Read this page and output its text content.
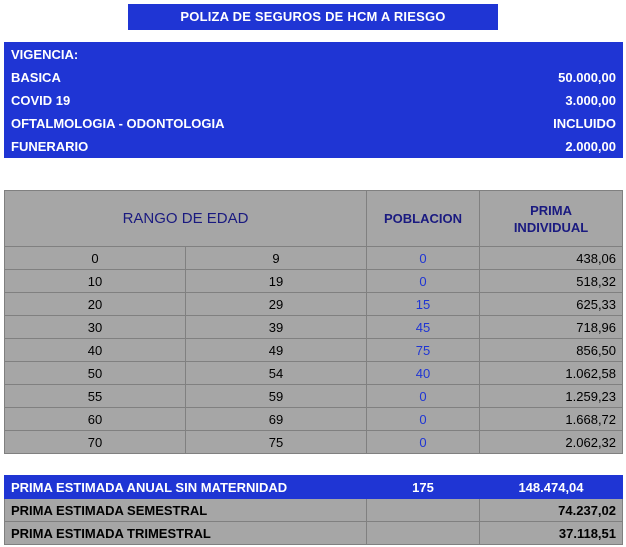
POLIZA DE SEGUROS DE HCM A RIESGO
VIGENCIA:	
BASICA	50.000,00
COVID 19	3.000,00
OFTALMOLOGIA - ODONTOLOGIA	INCLUIDO
FUNERARIO	2.000,00
RANGO DE EDAD		POBLACION	PRIMA
INDIVIDUAL
0	9	0	438,06
10	19	0	518,32
20	29	15	625,33
30	39	45	718,96
40	49	75	856,50
50	54	40	1.062,58
55	59	0	1.259,23
60	69	0	1.668,72
70	75	0	2.062,32
PRIMA ESTIMADA ANUAL SIN MATERNIDAD	175	148.474,04
PRIMA ESTIMADA SEMESTRAL		74.237,02
PRIMA ESTIMADA TRIMESTRAL		37.118,51
